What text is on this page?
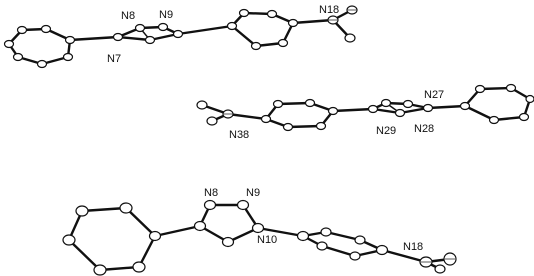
N8 N9
N7
N18
N27
N38	N29 N28
N8	N9
N10
N18
